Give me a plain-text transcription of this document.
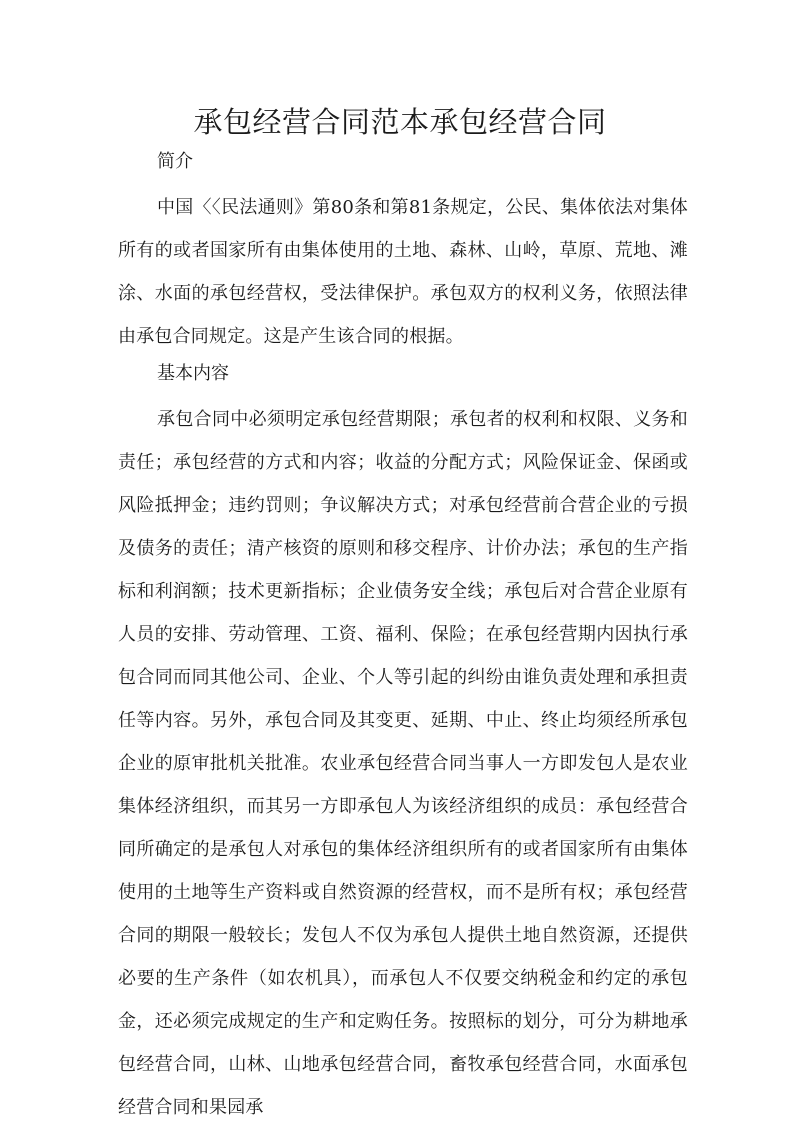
承包经营合同范本承包经营合同
简介

中国〈〈民法通则》第80条和第81条规定，公民、集体依法对集体所有的或者国家所有由集体使用的土地、森林、山岭，草原、荒地、滩涂、水面的承包经营权，受法律保护。承包双方的权利义务，依照法律由承包合同规定。这是产生该合同的根据。

基本内容

承包合同中必须明定承包经营期限；承包者的权利和权限、义务和责任；承包经营的方式和内容；收益的分配方式；风险保证金、保函或风险抵押金；违约罚则；争议解决方式；对承包经营前合营企业的亏损及债务的责任；清产核资的原则和移交程序、计价办法；承包的生产指标和利润额；技术更新指标；企业债务安全线；承包后对合营企业原有人员的安排、劳动管理、工资、福利、保险；在承包经营期内因执行承包合同而同其他公司、企业、个人等引起的纠纷由谁负责处理和承担责任等内容。另外，承包合同及其变更、延期、中止、终止均须经所承包企业的原审批机关批准。农业承包经营合同当事人一方即发包人是农业集体经济组织，而其另一方即承包人为该经济组织的成员：承包经营合同所确定的是承包人对承包的集体经济组织所有的或者国家所有由集体使用的土地等生产资料或自然资源的经营权，而不是所有权；承包经营合同的期限一般较长；发包人不仅为承包人提供土地自然资源，还提供必要的生产条件（如农机具），而承包人不仅要交纳税金和约定的承包金，还必须完成规定的生产和定购任务。按照标的划分，可分为耕地承包经营合同，山林、山地承包经营合同，畜牧承包经营合同，水面承包经营合同和果园承
